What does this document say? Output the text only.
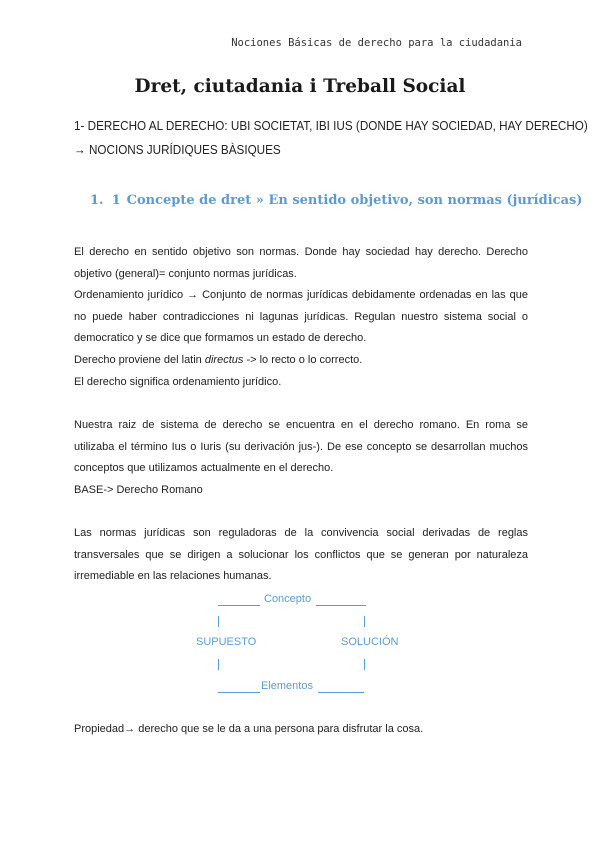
Nociones Básicas de derecho para la ciudadania
Dret, ciutadania i Treball Social
1- DERECHO AL DERECHO: UBI SOCIETAT, IBI IUS (DONDE HAY SOCIEDAD, HAY DERECHO)
→ NOCIONS JURÍDIQUES BÀSIQUES
1. 1 Concepte de dret » En sentido objetivo, son normas (jurídicas)

El derecho en sentido objetivo son normas. Donde hay sociedad hay derecho. Derecho objetivo (general)= conjunto normas jurídicas.

Ordenamiento jurídico → Conjunto de normas jurídicas debidamente ordenadas en las que no puede haber contradicciones ni lagunas jurídicas. Regulan nuestro sistema social o democratico y se dice que formamos un estado de derecho.

Derecho proviene del latin directus -> lo recto o lo correcto.

El derecho significa ordenamiento jurídico.

Nuestra raiz de sistema de derecho se encuentra en el derecho romano. En roma se utilizaba el término Ius o Iuris (su derivación jus-). De ese concepto se desarrollan muchos conceptos que utilizamos actualmente en el derecho.

BASE-> Derecho Romano

Las normas jurídicas son reguladoras de la convivencia social derivadas de reglas transversales que se dirigen a solucionar los conflictos que se generan por naturaleza irremediable en las relaciones humanas.

Concepto
SUPUESTO	SOLUCIÓN
Elementos

Propiedad→ derecho que se le da a una persona para disfrutar la cosa.
